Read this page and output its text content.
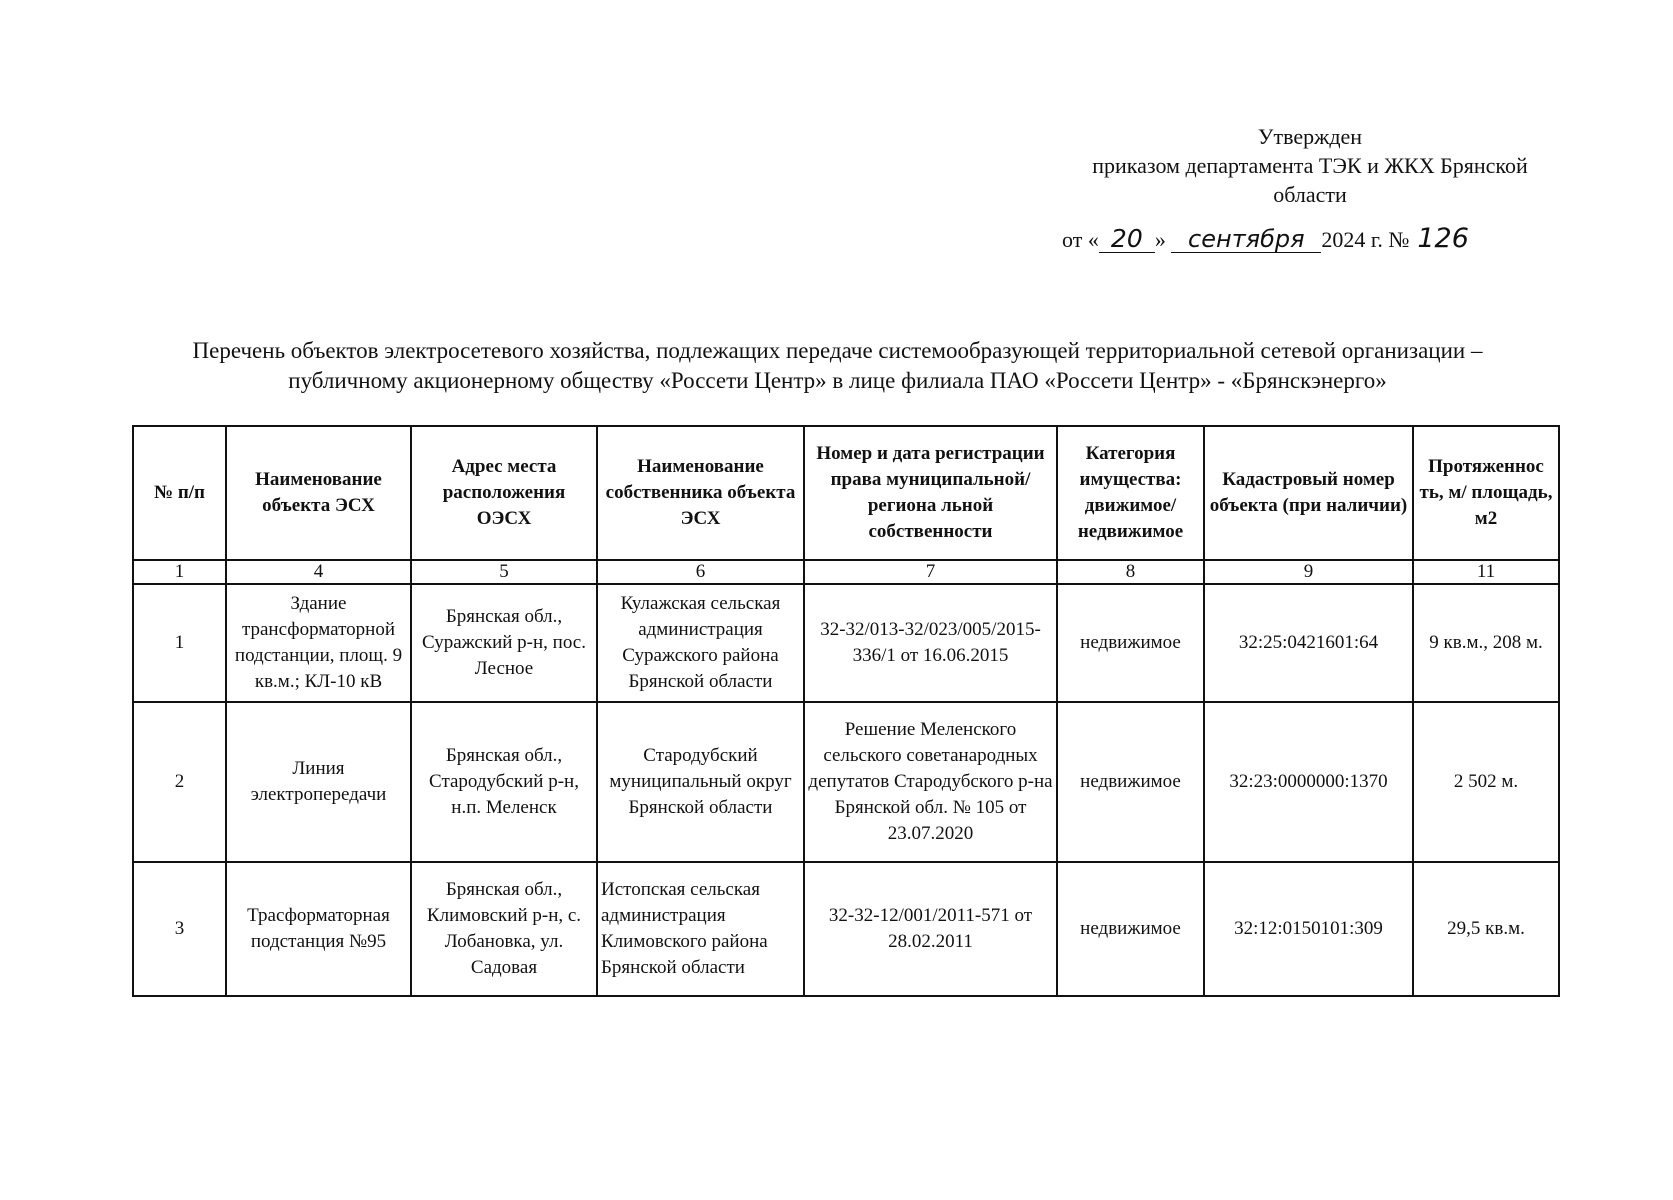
Утвержден
приказом департамента ТЭК и ЖКХ Брянской
области
от « 20 » сентября 2024 г. № 126
Перечень объектов электросетевого хозяйства, подлежащих передаче системообразующей территориальной сетевой организации –
публичному акционерному обществу «Россети Центр» в лице филиала ПАО «Россети Центр» - «Брянскэнерго»
№ п/п	Наименование объекта ЭСХ	Адрес места расположения ОЭСХ	Наименование собственника объекта ЭСХ	Номер и дата регистрации права муниципальной/региона льной собственности	Категория имущества: движимое/ недвижимое	Кадастровый номер объекта (при наличии)	Протяженнос ть, м/ площадь, м2
1	4	5	6	7	8	9	11
1	Здание трансформаторной подстанции, площ. 9 кв.м.; КЛ-10 кВ	Брянская обл., Суражский р-н, пос. Лесное	Кулажская сельская администрация Суражского района Брянской области	32-32/013-32/023/005/2015-336/1 от 16.06.2015	недвижимое	32:25:0421601:64	9 кв.м., 208 м.
2	Линия электропередачи	Брянская обл., Стародубский р-н, н.п. Меленск	Стародубский муниципальный округ Брянской области	Решение Меленского сельского советанародных депутатов Стародубского р-на Брянской обл. № 105 от 23.07.2020	недвижимое	32:23:0000000:1370	2 502 м.
3	Трасформаторная подстанция №95	Брянская обл., Климовский р-н, с. Лобановка, ул. Садовая	Истопская сельская администрация Климовского района Брянской области	32-32-12/001/2011-571 от 28.02.2011	недвижимое	32:12:0150101:309	29,5 кв.м.
